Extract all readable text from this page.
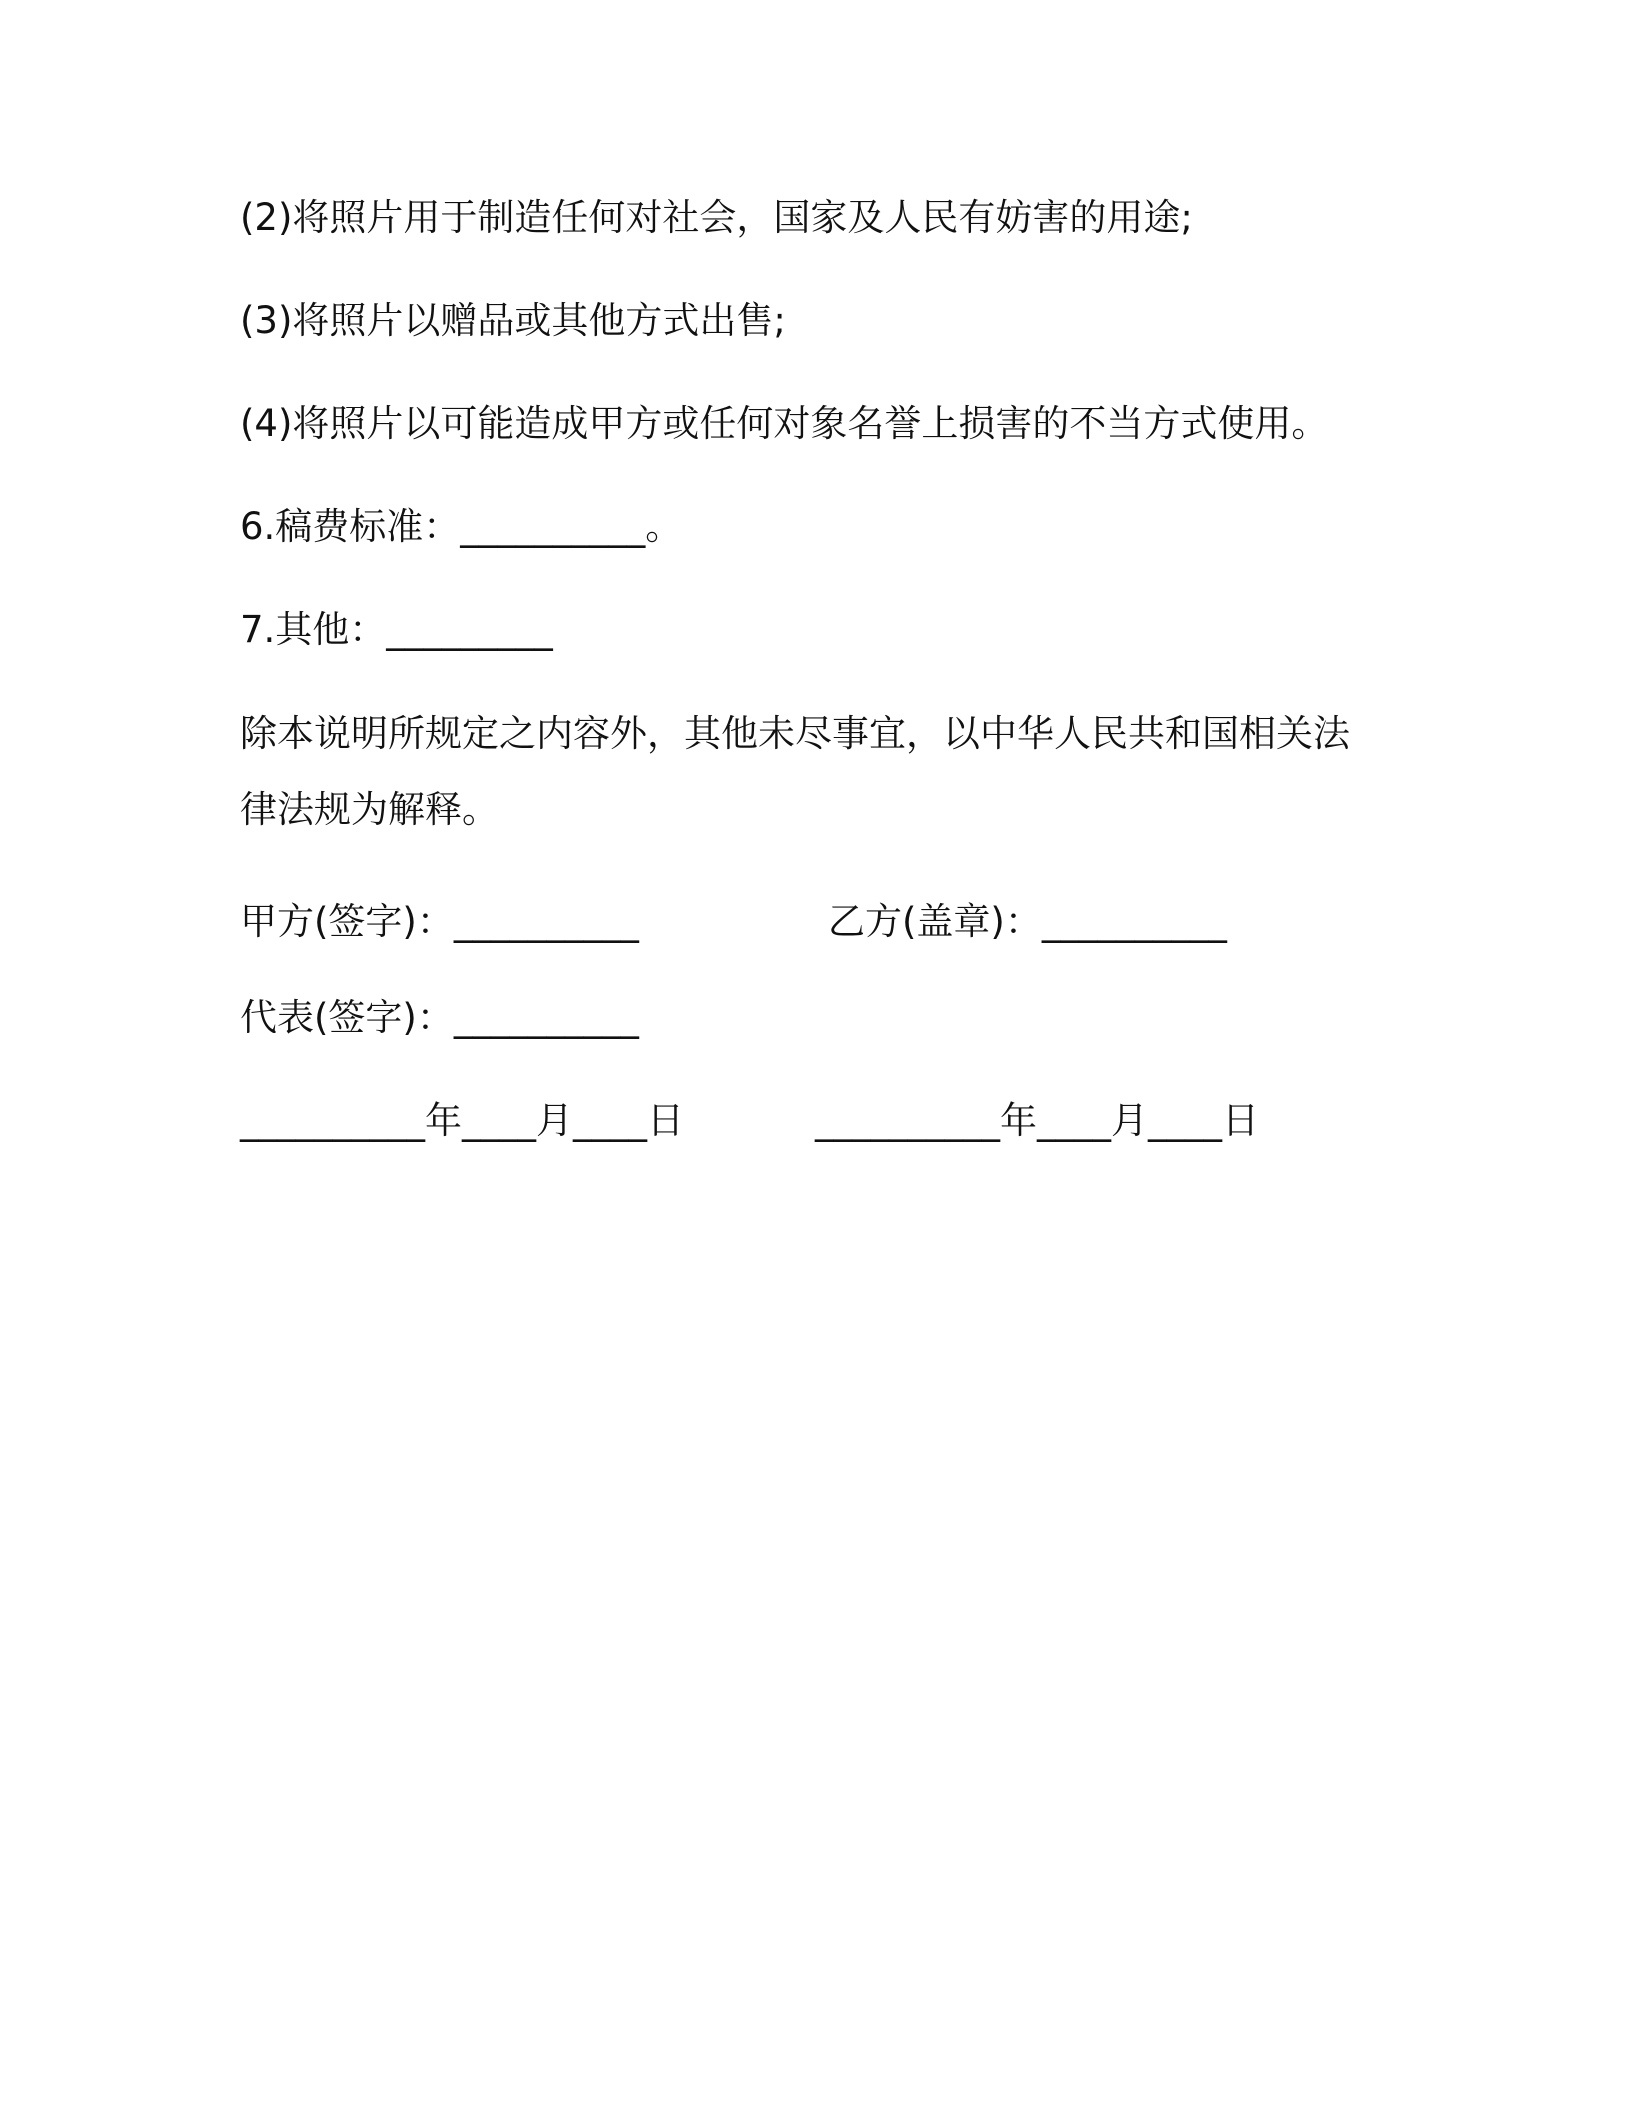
(2)将照片用于制造任何对社会，国家及人民有妨害的用途;
(3)将照片以赠品或其他方式出售;
(4)将照片以可能造成甲方或任何对象名誉上损害的不当方式使用。
6.稿费标准：__________。
7.其他：_________
除本说明所规定之内容外，其他未尽事宜，以中华人民共和国相关法
律法规为解释。
甲方(签字)：__________	乙方(盖章)：__________
代表(签字)：__________
__________年____月____日	__________年____月____日
